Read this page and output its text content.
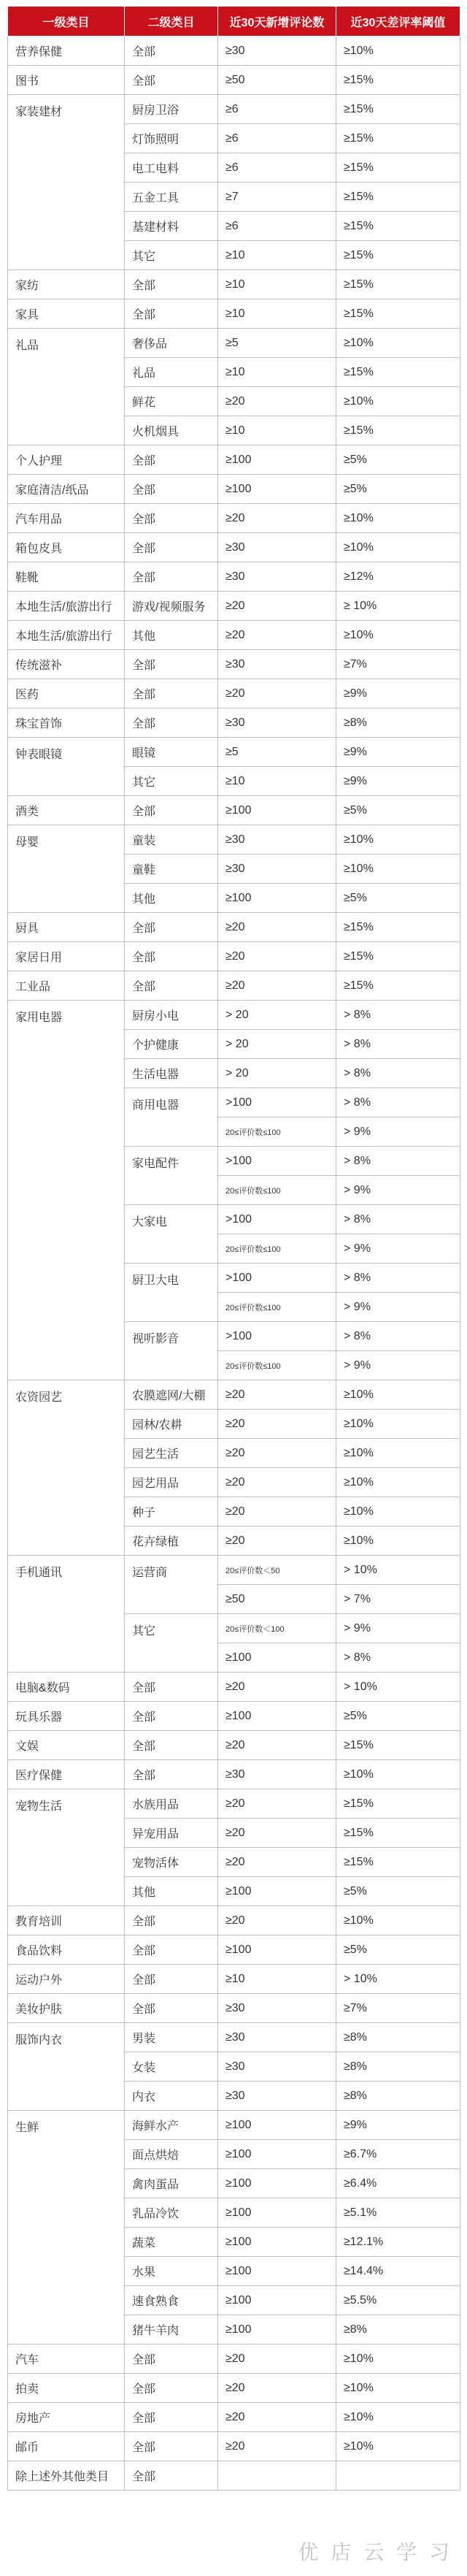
一级类目	二级类目	近30天新增评论数	近30天差评率阈值
营养保健	全部	≥30	≥10%
图书	全部	≥50	≥15%
家装建材	厨房卫浴	≥6	≥15%
	灯饰照明	≥6	≥15%
	电工电料	≥6	≥15%
	五金工具	≥7	≥15%
	基建材料	≥6	≥15%
	其它	≥10	≥15%
家纺	全部	≥10	≥15%
家具	全部	≥10	≥15%
礼品	奢侈品	≥5	≥10%
	礼品	≥10	≥15%
	鲜花	≥20	≥10%
	火机烟具	≥10	≥15%
个人护理	全部	≥100	≥5%
家庭清洁/纸品	全部	≥100	≥5%
汽车用品	全部	≥20	≥10%
箱包皮具	全部	≥30	≥10%
鞋靴	全部	≥30	≥12%
本地生活/旅游出行	游戏/视频服务	≥20	≥ 10%
本地生活/旅游出行	其他	≥20	≥10%
传统滋补	全部	≥30	≥7%
医药	全部	≥20	≥9%
珠宝首饰	全部	≥30	≥8%
钟表眼镜	眼镜	≥5	≥9%
	其它	≥10	≥9%
酒类	全部	≥100	≥5%
母婴	童装	≥30	≥10%
	童鞋	≥30	≥10%
	其他	≥100	≥5%
厨具	全部	≥20	≥15%
家居日用	全部	≥20	≥15%
工业品	全部	≥20	≥15%
家用电器	厨房小电	> 20	> 8%
	个护健康	> 20	> 8%
	生活电器	> 20	> 8%
	商用电器	>100	> 8%
		20≤评价数≤100	> 9%
	家电配件	>100	> 8%
		20≤评价数≤100	> 9%
	大家电	>100	> 8%
		20≤评价数≤100	> 9%
	厨卫大电	>100	> 8%
		20≤评价数≤100	> 9%
	视听影音	>100	> 8%
		20≤评价数≤100	> 9%
农资园艺	农膜遮网/大棚	≥20	≥10%
	园林/农耕	≥20	≥10%
	园艺生活	≥20	≥10%
	园艺用品	≥20	≥10%
	种子	≥20	≥10%
	花卉绿植	≥20	≥10%
手机通讯	运营商	20≤评价数＜50	> 10%
		≥50	> 7%
	其它	20≤评价数＜100	> 9%
		≥100	> 8%
电脑&数码	全部	≥20	> 10%
玩具乐器	全部	≥100	≥5%
文娱	全部	≥20	≥15%
医疗保健	全部	≥30	≥10%
宠物生活	水族用品	≥20	≥15%
	异宠用品	≥20	≥15%
	宠物活体	≥20	≥15%
	其他	≥100	≥5%
教育培训	全部	≥20	≥10%
食品饮料	全部	≥100	≥5%
运动户外	全部	≥10	> 10%
美妆护肤	全部	≥30	≥7%
服饰内衣	男装	≥30	≥8%
	女装	≥30	≥8%
	内衣	≥30	≥8%
生鲜	海鲜水产	≥100	≥9%
	面点烘焙	≥100	≥6.7%
	禽肉蛋品	≥100	≥6.4%
	乳品冷饮	≥100	≥5.1%
	蔬菜	≥100	≥12.1%
	水果	≥100	≥14.4%
	速食熟食	≥100	≥5.5%
	猪牛羊肉	≥100	≥8%
汽车	全部	≥20	≥10%
拍卖	全部	≥20	≥10%
房地产	全部	≥20	≥10%
邮币	全部	≥20	≥10%
除上述外其他类目	全部		
优 店 云 学 习
